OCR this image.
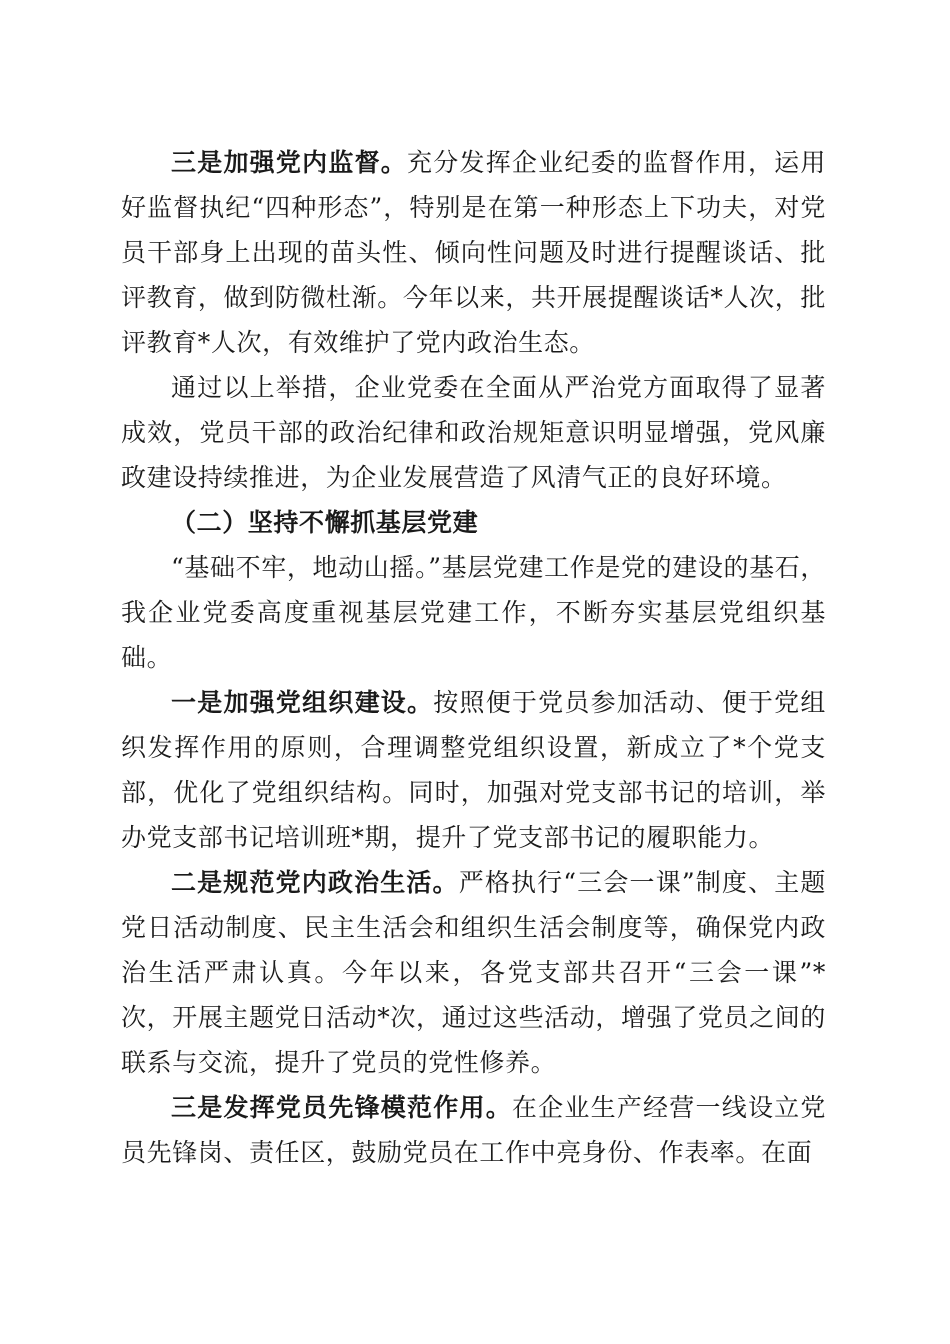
三是加强党内监督。充分发挥企业纪委的监督作用，运用好监督执纪“四种形态”，特别是在第一种形态上下功夫，对党员干部身上出现的苗头性、倾向性问题及时进行提醒谈话、批评教育，做到防微杜渐。今年以来，共开展提醒谈话*人次，批评教育*人次，有效维护了党内政治生态。

通过以上举措，企业党委在全面从严治党方面取得了显著成效，党员干部的政治纪律和政治规矩意识明显增强，党风廉政建设持续推进，为企业发展营造了风清气正的良好环境。

（二）坚持不懈抓基层党建

“基础不牢，地动山摇。”基层党建工作是党的建设的基石，我企业党委高度重视基层党建工作，不断夯实基层党组织基础。

一是加强党组织建设。按照便于党员参加活动、便于党组织发挥作用的原则，合理调整党组织设置，新成立了*个党支部，优化了党组织结构。同时，加强对党支部书记的培训，举办党支部书记培训班*期，提升了党支部书记的履职能力。

二是规范党内政治生活。严格执行“三会一课”制度、主题党日活动制度、民主生活会和组织生活会制度等，确保党内政治生活严肃认真。今年以来，各党支部共召开“三会一课”*次，开展主题党日活动*次，通过这些活动，增强了党员之间的联系与交流，提升了党员的党性修养。

三是发挥党员先锋模范作用。在企业生产经营一线设立党员先锋岗、责任区，鼓励党员在工作中亮身份、作表率。在面
